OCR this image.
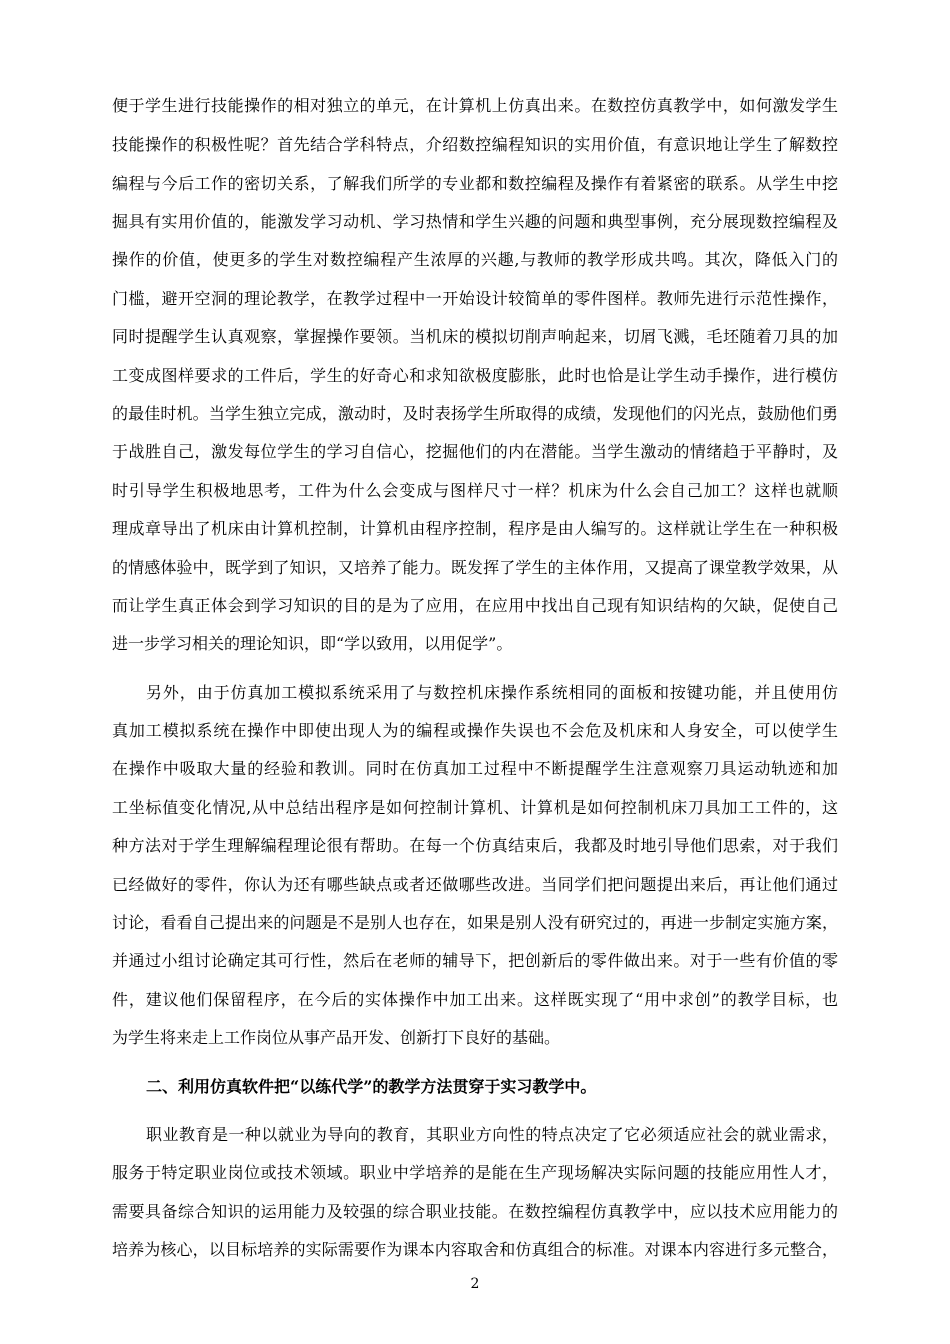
便于学生进行技能操作的相对独立的单元，在计算机上仿真出来。在数控仿真教学中，如何激发学生
技能操作的积极性呢？首先结合学科特点，介绍数控编程知识的实用价值，有意识地让学生了解数控
编程与今后工作的密切关系，了解我们所学的专业都和数控编程及操作有着紧密的联系。从学生中挖
掘具有实用价值的，能激发学习动机、学习热情和学生兴趣的问题和典型事例，充分展现数控编程及
操作的价值，使更多的学生对数控编程产生浓厚的兴趣,与教师的教学形成共鸣。其次，降低入门的
门槛，避开空洞的理论教学，在教学过程中一开始设计较简单的零件图样。教师先进行示范性操作，
同时提醒学生认真观察，掌握操作要领。当机床的模拟切削声响起来，切屑飞溅，毛坯随着刀具的加
工变成图样要求的工件后，学生的好奇心和求知欲极度膨胀，此时也恰是让学生动手操作，进行模仿
的最佳时机。当学生独立完成，激动时，及时表扬学生所取得的成绩，发现他们的闪光点，鼓励他们勇
于战胜自己，激发每位学生的学习自信心，挖掘他们的内在潜能。当学生激动的情绪趋于平静时，及
时引导学生积极地思考，工件为什么会变成与图样尺寸一样？机床为什么会自己加工？这样也就顺
理成章导出了机床由计算机控制，计算机由程序控制，程序是由人编写的。这样就让学生在一种积极
的情感体验中，既学到了知识，又培养了能力。既发挥了学生的主体作用，又提高了课堂教学效果，从
而让学生真正体会到学习知识的目的是为了应用，在应用中找出自己现有知识结构的欠缺，促使自己
进一步学习相关的理论知识，即“学以致用，以用促学”。
另外，由于仿真加工模拟系统采用了与数控机床操作系统相同的面板和按键功能，并且使用仿
真加工模拟系统在操作中即使出现人为的编程或操作失误也不会危及机床和人身安全，可以使学生
在操作中吸取大量的经验和教训。同时在仿真加工过程中不断提醒学生注意观察刀具运动轨迹和加
工坐标值变化情况,从中总结出程序是如何控制计算机、计算机是如何控制机床刀具加工工件的，这
种方法对于学生理解编程理论很有帮助。在每一个仿真结束后，我都及时地引导他们思索，对于我们
已经做好的零件，你认为还有哪些缺点或者还做哪些改进。当同学们把问题提出来后，再让他们通过
讨论，看看自己提出来的问题是不是别人也存在，如果是别人没有研究过的，再进一步制定实施方案，
并通过小组讨论确定其可行性，然后在老师的辅导下，把创新后的零件做出来。对于一些有价值的零
件，建议他们保留程序，在今后的实体操作中加工出来。这样既实现了“用中求创”的教学目标，也
为学生将来走上工作岗位从事产品开发、创新打下良好的基础。
二、利用仿真软件把“以练代学”的教学方法贯穿于实习教学中。
职业教育是一种以就业为导向的教育，其职业方向性的特点决定了它必须适应社会的就业需求，
服务于特定职业岗位或技术领域。职业中学培养的是能在生产现场解决实际问题的技能应用性人才，
需要具备综合知识的运用能力及较强的综合职业技能。在数控编程仿真教学中，应以技术应用能力的
培养为核心，以目标培养的实际需要作为课本内容取舍和仿真组合的标准。对课本内容进行多元整合，
2
